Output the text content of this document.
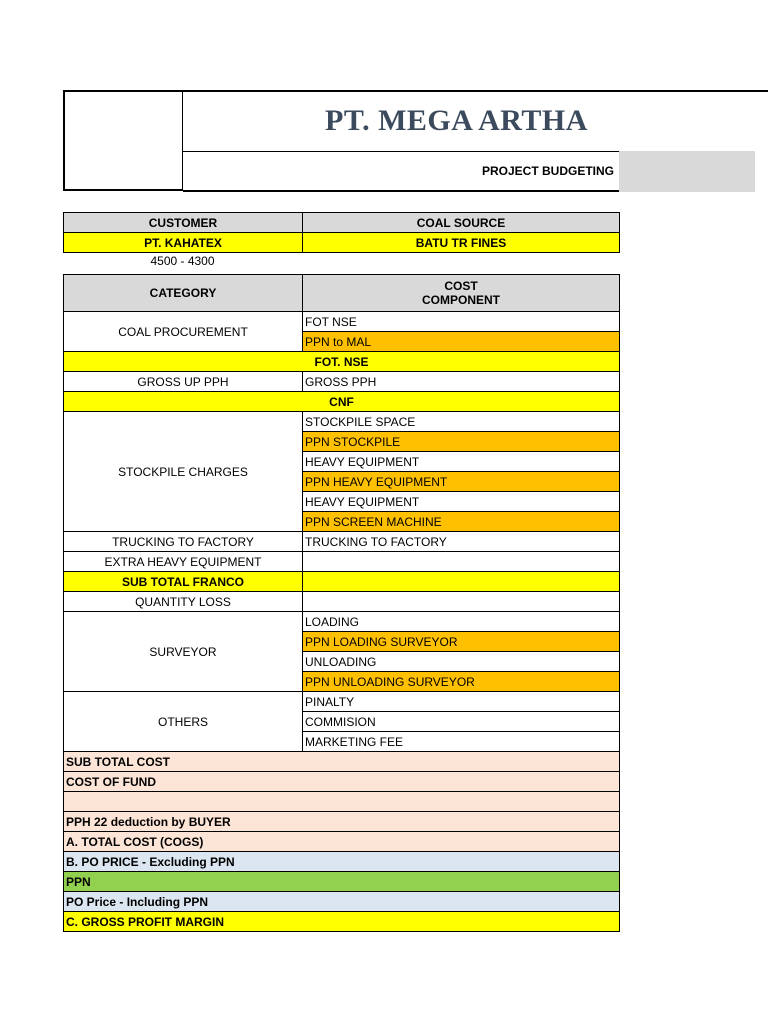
PT. MEGA ARTHA
PROJECT BUDGETING
CUSTOMER	COAL SOURCE
PT. KAHATEX	BATU TR FINES
4500 - 4300
CATEGORY	COST
COMPONENT

COAL PROCUREMENT	FOT NSE
	PPN to MAL
FOT. NSE	
GROSS UP PPH	GROSS PPH
CNF	
STOCKPILE CHARGES	STOCKPILE SPACE
	PPN STOCKPILE
	HEAVY EQUIPMENT
	PPN HEAVY EQUIPMENT
	HEAVY EQUIPMENT
	PPN SCREEN MACHINE
TRUCKING TO FACTORY	TRUCKING TO FACTORY
EXTRA HEAVY EQUIPMENT	
SUB TOTAL FRANCO	
QUANTITY LOSS	
SURVEYOR	LOADING
	PPN LOADING SURVEYOR
	UNLOADING
	PPN UNLOADING SURVEYOR
OTHERS	PINALTY
	COMMISION
	MARKETING FEE
SUB TOTAL COST	
COST OF FUND	

PPH 22 deduction by BUYER	
A. TOTAL COST (COGS)	
B. PO PRICE - Excluding PPN	
PPN	
PO Price - Including PPN	
C. GROSS PROFIT MARGIN	
